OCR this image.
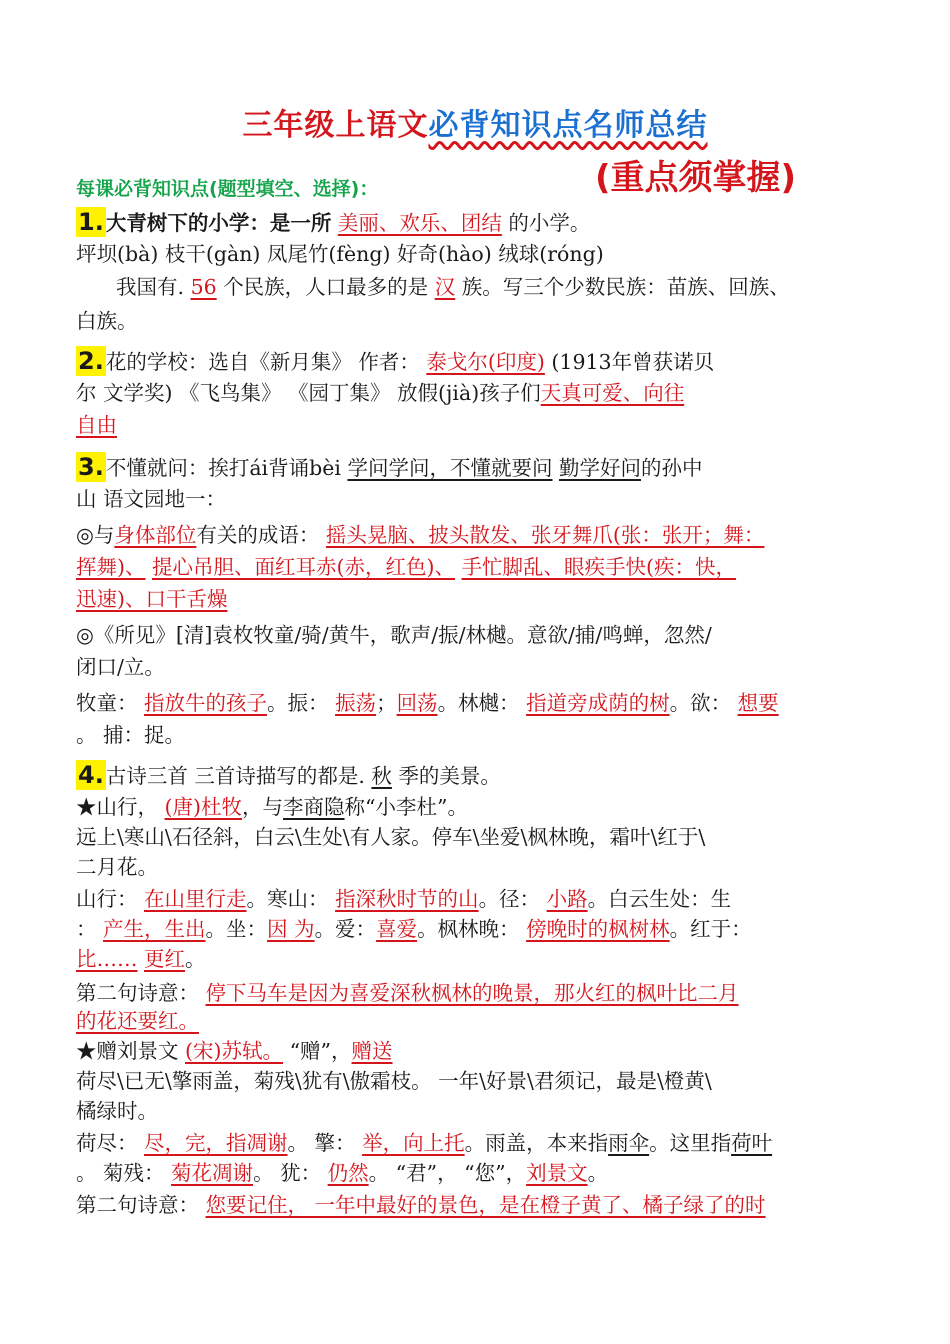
三年级上语文必背知识点名师总结
(重点须掌握)
每课必背知识点(题型填空、选择)：
1.大青树下的小学：是一所 美丽、欢乐、团结 的小学。
坪坝(bà) 枝干(gàn) 凤尾竹(fèng) 好奇(hào) 绒球(róng)
我国有. 56 个民族，人口最多的是 汉 族。写三个少数民族：苗族、回族、
白族。
2.花的学校：选自《新月集》 作者： 泰戈尔(印度) (1913年曾获诺贝
尔 文学奖) 《飞鸟集》 《园丁集》 放假(jià)孩子们天真可爱、向往
自由
3.不懂就问：挨打ái背诵bèi 学问学问，不懂就要问 勤学好问的孙中
山 语文园地一：
◎与身体部位有关的成语： 摇头晃脑、披头散发、张牙舞爪(张：张开；舞：
挥舞)、 提心吊胆、面红耳赤(赤，红色)、 手忙脚乱、眼疾手快(疾：快，
迅速)、口干舌燥
◎《所见》[清]袁枚牧童/骑/黄牛，歌声/振/林樾。意欲/捕/鸣蝉，忽然/
闭口/立。
牧童： 指放牛的孩子。振： 振荡；回荡。林樾： 指道旁成荫的树。欲： 想要
。 捕：捉。
4.古诗三首 三首诗描写的都是. 秋 季的美景。
★山行， (唐)杜牧，与李商隐称“小李杜”。
远上\寒山\石径斜，白云\生处\有人家。停车\坐爱\枫林晚，霜叶\红于\
二月花。
山行： 在山里行走。寒山： 指深秋时节的山。径： 小路。白云生处：生
： 产生，生出。坐：因 为。爱：喜爱。枫林晚： 傍晚时的枫树林。红于：
比…… 更红。
第二句诗意： 停下马车是因为喜爱深秋枫林的晚景，那火红的枫叶比二月
的花还要红。
★赠刘景文 (宋)苏轼。 “赠”，赠送
荷尽\已无\擎雨盖，菊残\犹有\傲霜枝。 一年\好景\君须记，最是\橙黄\
橘绿时。
荷尽： 尽，完，指凋谢。 擎： 举，向上托。雨盖，本来指雨伞。这里指荷叶
。 菊残： 菊花凋谢。 犹： 仍然。 “君”， “您”，刘景文。
第二句诗意： 您要记住， 一年中最好的景色，是在橙子黄了、橘子绿了的时
